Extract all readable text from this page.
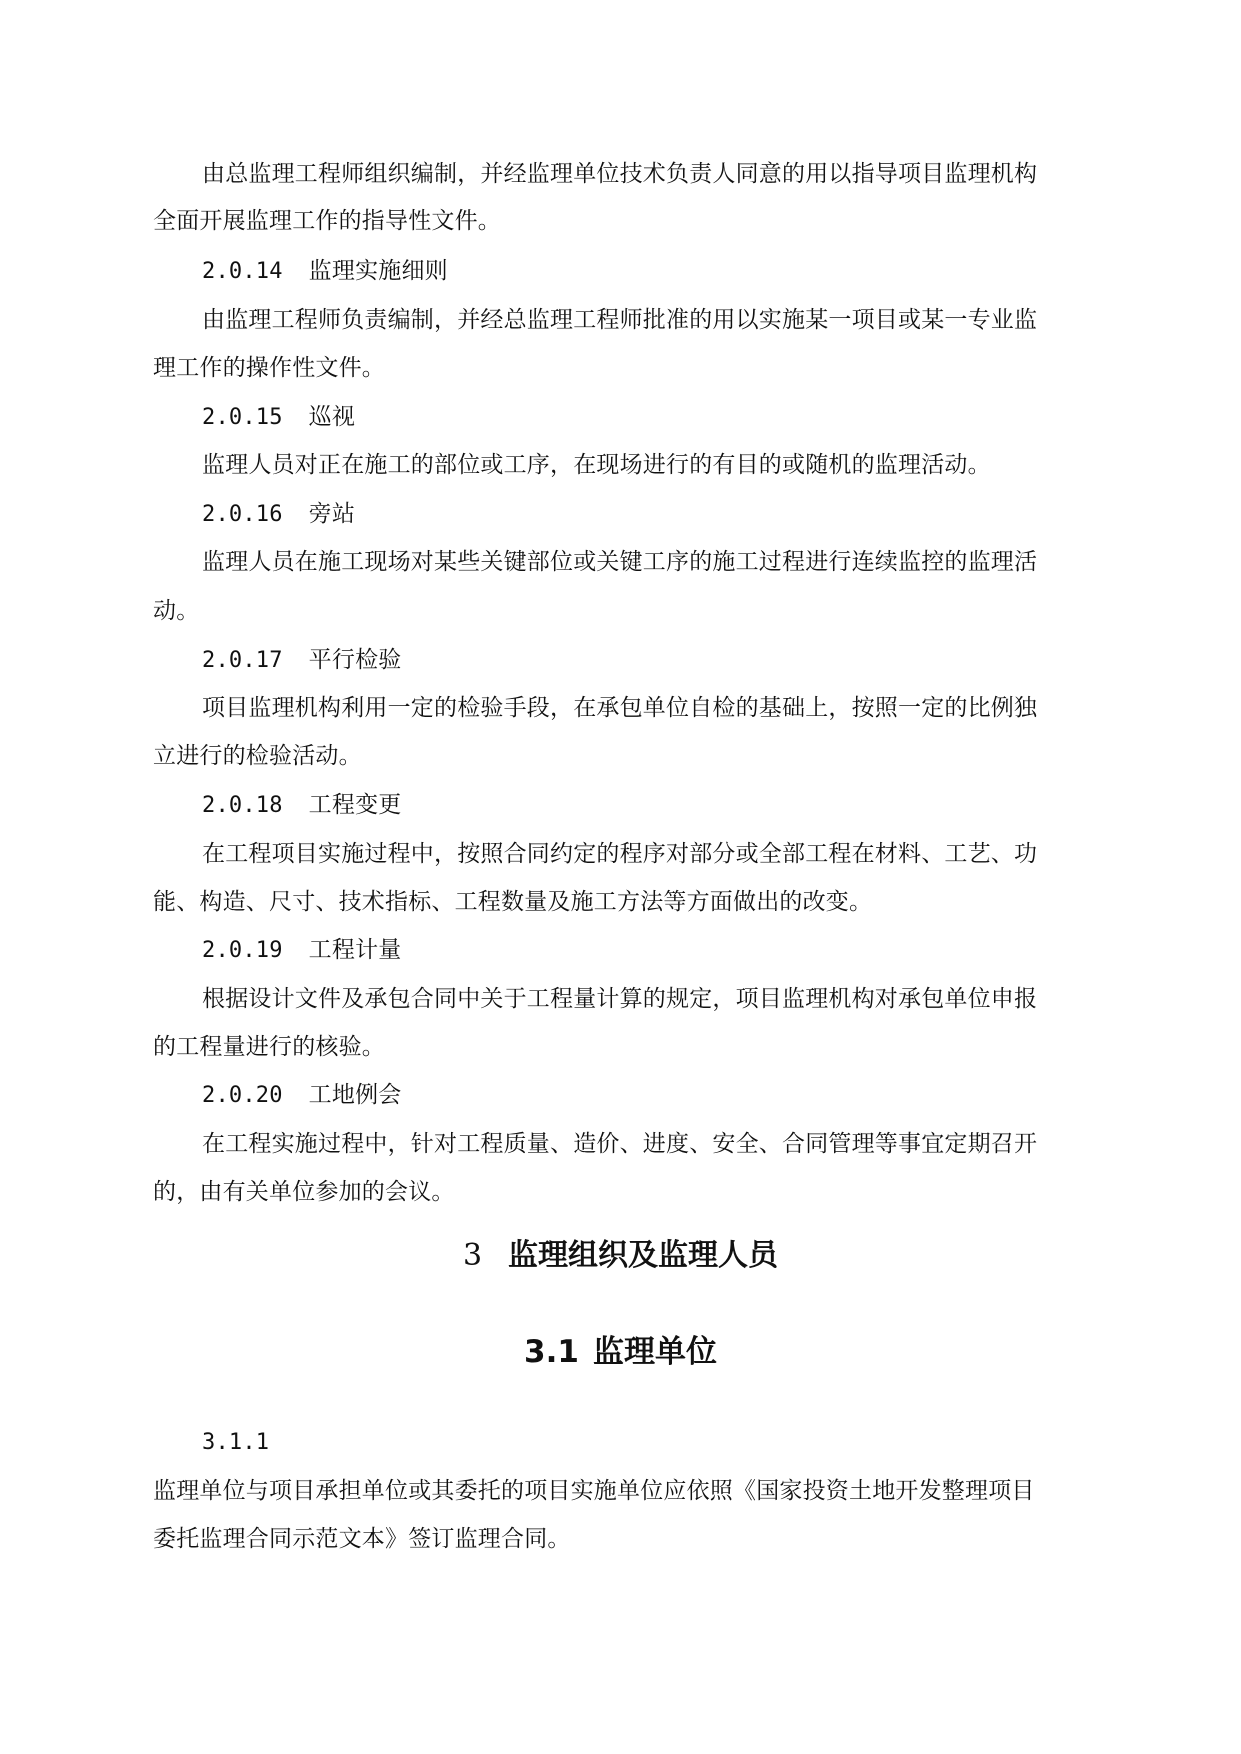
由总监理工程师组织编制，并经监理单位技术负责人同意的用以指导项目监理机构
全面开展监理工作的指导性文件。
2.0.14 监理实施细则
由监理工程师负责编制，并经总监理工程师批准的用以实施某一项目或某一专业监
理工作的操作性文件。
2.0.15 巡视
监理人员对正在施工的部位或工序，在现场进行的有目的或随机的监理活动。
2.0.16 旁站
监理人员在施工现场对某些关键部位或关键工序的施工过程进行连续监控的监理活
动。
2.0.17 平行检验
项目监理机构利用一定的检验手段，在承包单位自检的基础上，按照一定的比例独
立进行的检验活动。
2.0.18 工程变更
在工程项目实施过程中，按照合同约定的程序对部分或全部工程在材料、工艺、功
能、构造、尺寸、技术指标、工程数量及施工方法等方面做出的改变。
2.0.19 工程计量
根据设计文件及承包合同中关于工程量计算的规定，项目监理机构对承包单位申报
的工程量进行的核验。
2.0.20 工地例会
在工程实施过程中，针对工程质量、造价、进度、安全、合同管理等事宜定期召开
的，由有关单位参加的会议。
3 监理组织及监理人员
3.1 监理单位
3.1.1
监理单位与项目承担单位或其委托的项目实施单位应依照《国家投资土地开发整理项目
委托监理合同示范文本》签订监理合同。
